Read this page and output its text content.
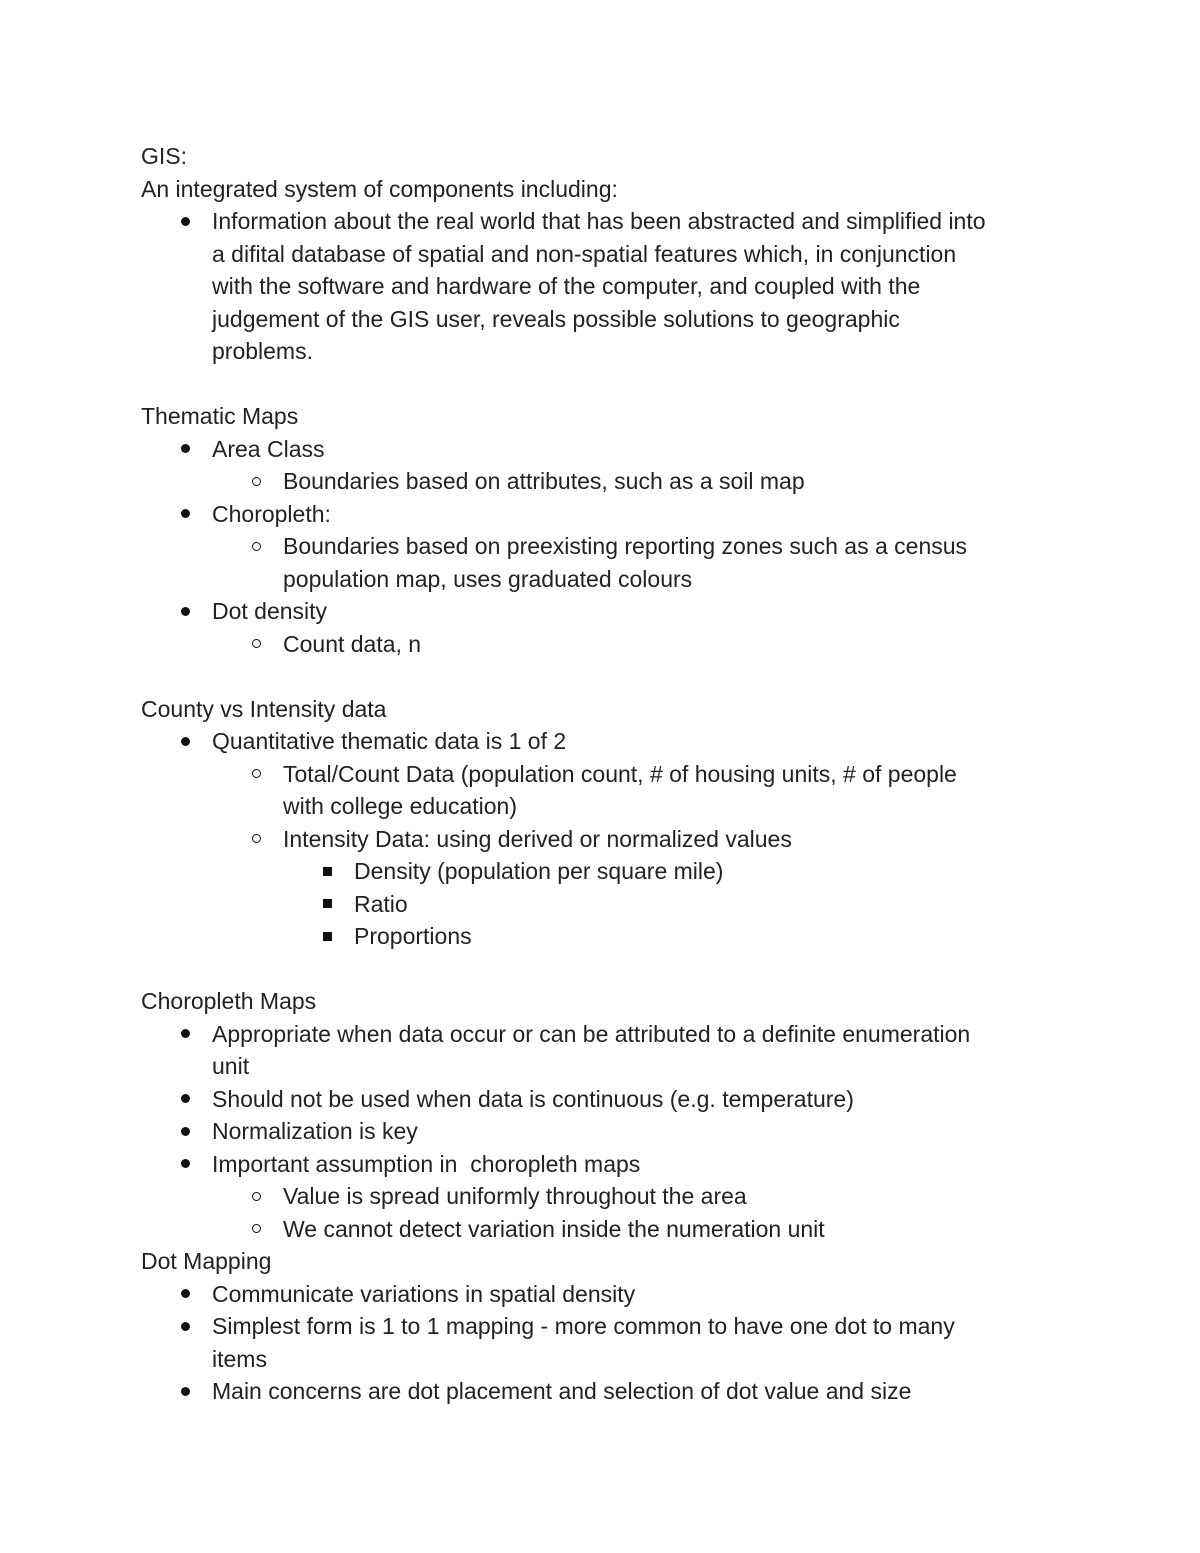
GIS:
An integrated system of components including:
Information about the real world that has been abstracted and simplified into
a difital database of spatial and non-spatial features which, in conjunction
with the software and hardware of the computer, and coupled with the
judgement of the GIS user, reveals possible solutions to geographic
problems.
Thematic Maps
Area Class
Boundaries based on attributes, such as a soil map
Choropleth:
Boundaries based on preexisting reporting zones such as a census
population map, uses graduated colours
Dot density
Count data, n
County vs Intensity data
Quantitative thematic data is 1 of 2
Total/Count Data (population count, # of housing units, # of people
with college education)
Intensity Data: using derived or normalized values
Density (population per square mile)
Ratio
Proportions
Choropleth Maps
Appropriate when data occur or can be attributed to a definite enumeration
unit
Should not be used when data is continuous (e.g. temperature)
Normalization is key
Important assumption in  choropleth maps
Value is spread uniformly throughout the area
We cannot detect variation inside the numeration unit
Dot Mapping
Communicate variations in spatial density
Simplest form is 1 to 1 mapping - more common to have one dot to many
items
Main concerns are dot placement and selection of dot value and size
